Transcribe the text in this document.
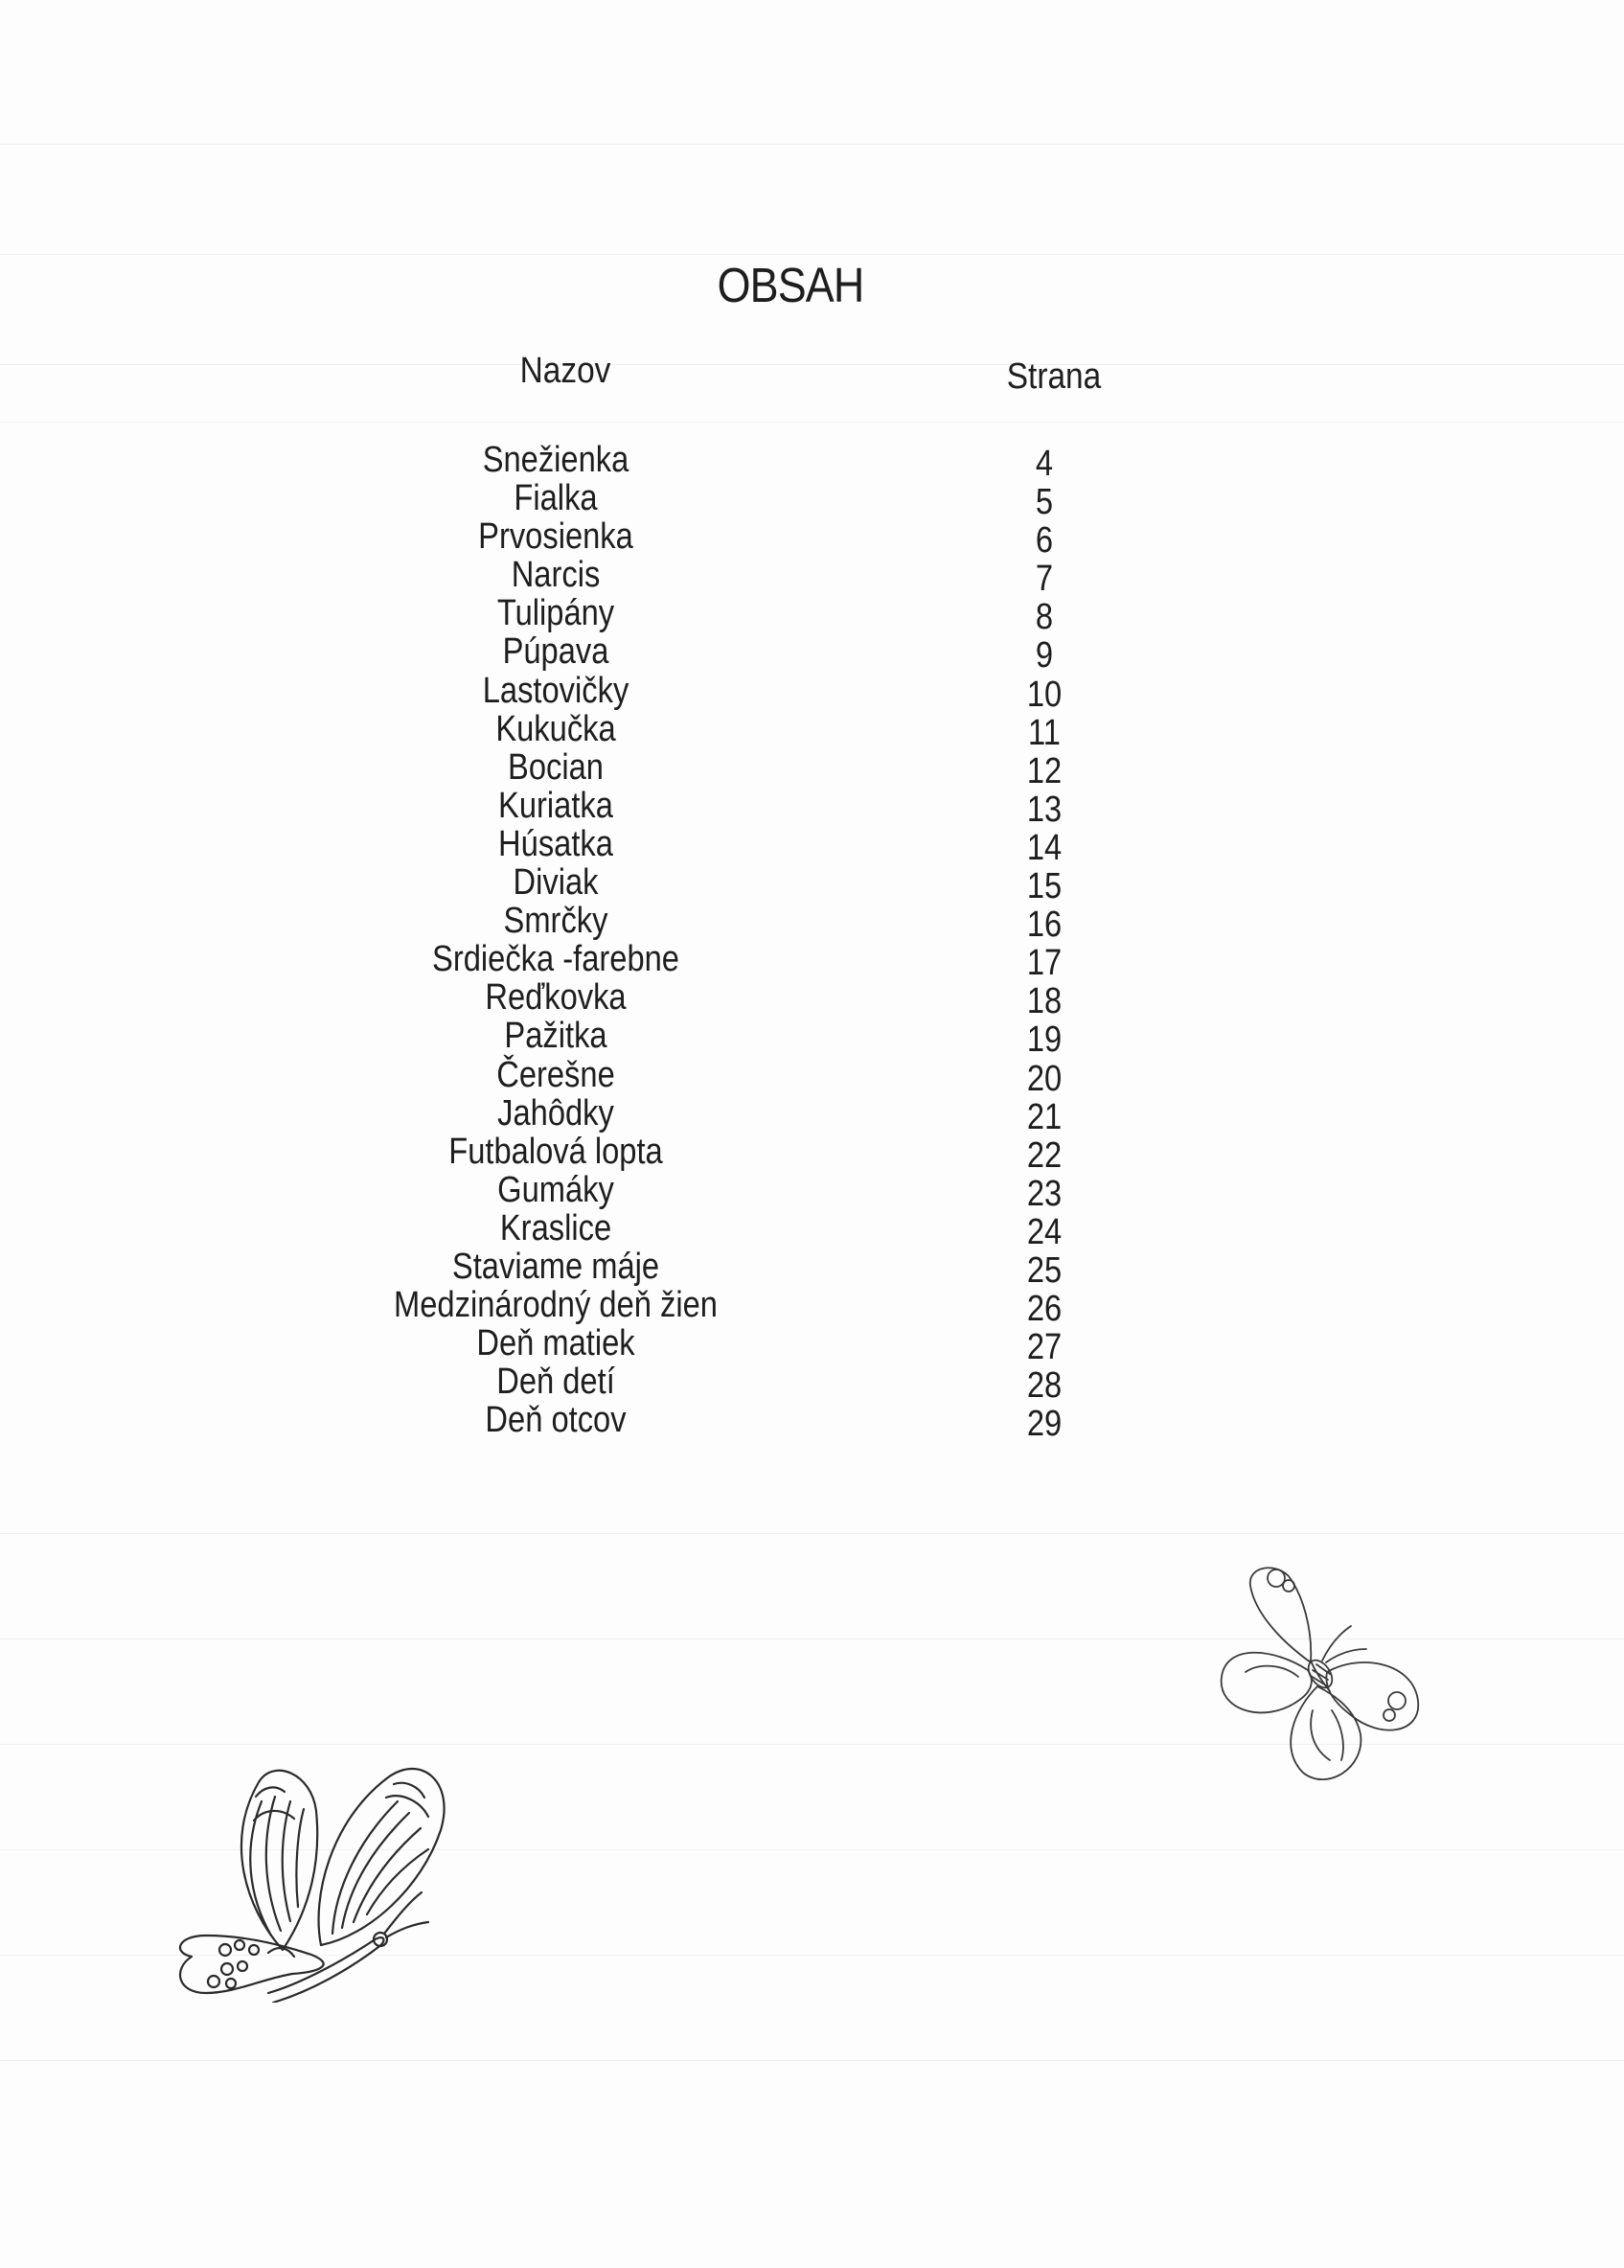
OBSAH
Nazov	Strana
Snežienka	4
Fialka	5
Prvosienka	6
Narcis	7
Tulipány	8
Púpava	9
Lastovičky	10
Kukučka	11
Bocian	12
Kuriatka	13
Húsatka	14
Diviak	15
Smrčky	16
Srdiečka -farebne	17
Reďkovka	18
Pažitka	19
Čerešne	20
Jahôdky	21
Futbalová lopta	22
Gumáky	23
Kraslice	24
Staviame máje	25
Medzinárodný deň žien	26
Deň matiek	27
Deň detí	28
Deň otcov	29
